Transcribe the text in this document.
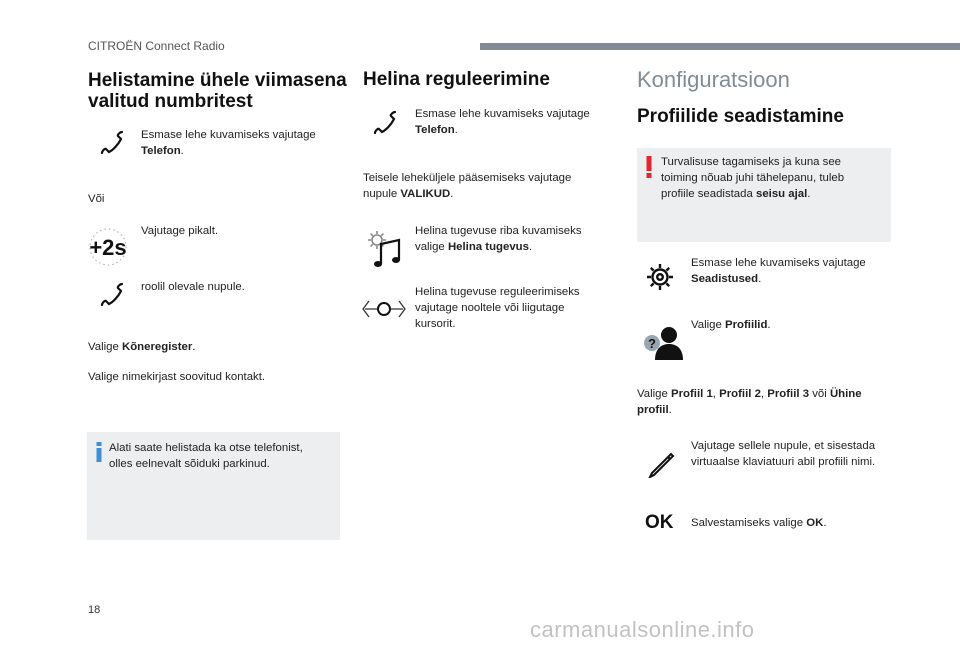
CITROËN Connect Radio
Helistamine ühele viimasena
valitud numbritest
Esmase lehe kuvamiseks vajutage
Telefon.
Või
+2s
Vajutage pikalt.
roolil olevale nupule.
Valige Kõneregister.
Valige nimekirjast soovitud kontakt.
Alati saate helistada ka otse telefonist,
olles eelnevalt sõiduki parkinud.
Helina reguleerimine
Esmase lehe kuvamiseks vajutage
Telefon.
Teisele leheküljele pääsemiseks vajutage
nupule VALIKUD.
Helina tugevuse riba kuvamiseks
valige Helina tugevus.
Helina tugevuse reguleerimiseks
vajutage nooltele või liigutage
kursorit.
Konfiguratsioon
Profiilide seadistamine
Turvalisuse tagamiseks ja kuna see
toiming nõuab juhi tähelepanu, tuleb
profiile seadistada seisu ajal.
Esmase lehe kuvamiseks vajutage
Seadistused.
?
Valige Profiilid.
Valige Profiil 1, Profiil 2, Profiil 3 või Ühine
profiil.
Vajutage sellele nupule, et sisestada
virtuaalse klaviatuuri abil profiili nimi.
OK Salvestamiseks valige OK.
18
carmanualsonline.info
